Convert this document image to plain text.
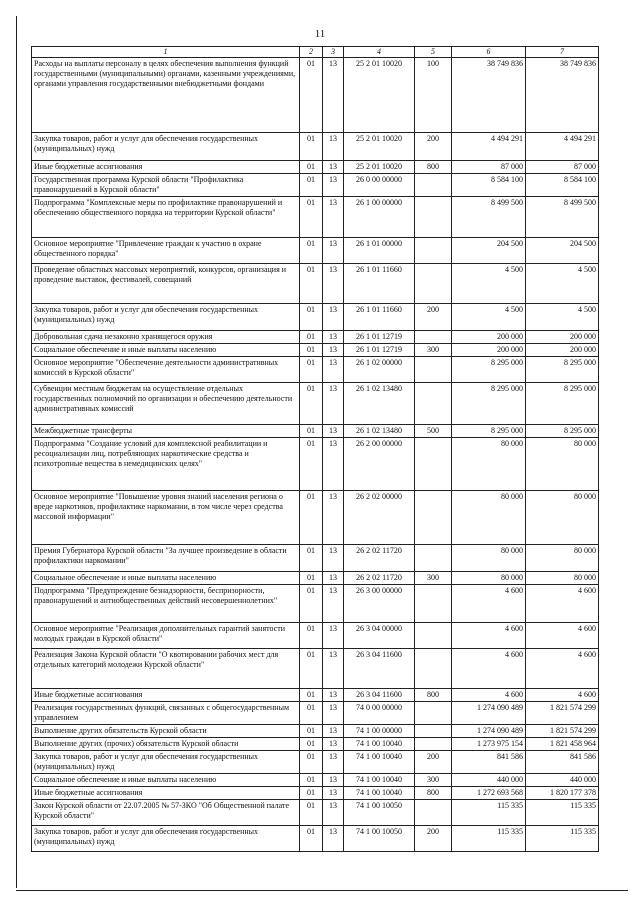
11
1	2	3	4	5	6	7
Расходы на выплаты персоналу в целях обеспечения выполнения функций государственными (муниципальными) органами, казенными учреждениями, органами управления государственными внебюджетными фондами	01	13	25 2 01 10020	100	38 749 836	38 749 836
Закупка товаров, работ и услуг для обеспечения государственных (муниципальных) нужд	01	13	25 2 01 10020	200	4 494 291	4 494 291
Иные бюджетные ассигнования	01	13	25 2 01 10020	800	87 000	87 000
Государственная программа Курской области "Профилактика правонарушений в Курской области"	01	13	26 0 00 00000		8 584 100	8 584 100
Подпрограмма "Комплексные меры по профилактике правонарушений и обеспечению общественного порядка на территории Курской области"	01	13	26 1 00 00000		8 499 500	8 499 500
Основное мероприятие "Привлечение граждан к участию в охране общественного порядка"	01	13	26 1 01 00000		204 500	204 500
Проведение областных массовых мероприятий, конкурсов, организация и проведение выставок, фестивалей, совещаний	01	13	26 1 01 11660		4 500	4 500
Закупка товаров, работ и услуг для обеспечения государственных (муниципальных) нужд	01	13	26 1 01 11660	200	4 500	4 500
Добровольная сдача незаконно хранящегося оружия	01	13	26 1 01 12719		200 000	200 000
Социальное обеспечение и иные выплаты населению	01	13	26 1 01 12719	300	200 000	200 000
Основное мероприятие "Обеспечение деятельности административных комиссий в Курской области"	01	13	26 1 02 00000		8 295 000	8 295 000
Субвенции местным бюджетам на осуществление отдельных государственных полномочий по организации и обеспечению деятельности административных комиссий	01	13	26 1 02 13480		8 295 000	8 295 000
Межбюджетные трансферты	01	13	26 1 02 13480	500	8 295 000	8 295 000
Подпрограмма "Создание условий для комплексной реабилитации и ресоциализации лиц, потребляющих наркотические средства и психотропные вещества в немедицинских целях"	01	13	26 2 00 00000		80 000	80 000
Основное мероприятие "Повышение уровня знаний населения региона о вреде наркотиков, профилактике наркомании, в том числе через средства массовой информации"	01	13	26 2 02 00000		80 000	80 000
Премия Губернатора Курской области "За лучшее произведение в области профилактики наркомании"	01	13	26 2 02 11720		80 000	80 000
Социальное обеспечение и иные выплаты населению	01	13	26 2 02 11720	300	80 000	80 000
Подпрограмма "Предупреждение безнадзорности, беспризорности, правонарушений и антиобщественных действий несовершеннолетних"	01	13	26 3 00 00000		4 600	4 600
Основное мероприятие "Реализация дополнительных гарантий занятости молодых граждан в Курской области"	01	13	26 3 04 00000		4 600	4 600
Реализация Закона Курской области "О квотировании рабочих мест для отдельных категорий молодежи Курской области"	01	13	26 3 04 11600		4 600	4 600
Иные бюджетные ассигнования	01	13	26 3 04 11600	800	4 600	4 600
Реализация государственных функций, связанных с общегосударственным управлением	01	13	74 0 00 00000		1 274 090 489	1 821 574 299
Выполнение других обязательств Курской области	01	13	74 1 00 00000		1 274 090 489	1 821 574 299
Выполнение других (прочих) обязательств Курской области	01	13	74 1 00 10040		1 273 975 154	1 821 458 964
Закупка товаров, работ и услуг для обеспечения государственных (муниципальных) нужд	01	13	74 1 00 10040	200	841 586	841 586
Социальное обеспечение и иные выплаты населению	01	13	74 1 00 10040	300	440 000	440 000
Иные бюджетные ассигнования	01	13	74 1 00 10040	800	1 272 693 568	1 820 177 378
Закон Курской области от 22.07.2005 № 57-ЗКО "Об Общественной палате Курской области"	01	13	74 1 00 10050		115 335	115 335
Закупка товаров, работ и услуг для обеспечения государственных (муниципальных) нужд	01	13	74 1 00 10050	200	115 335	115 335
